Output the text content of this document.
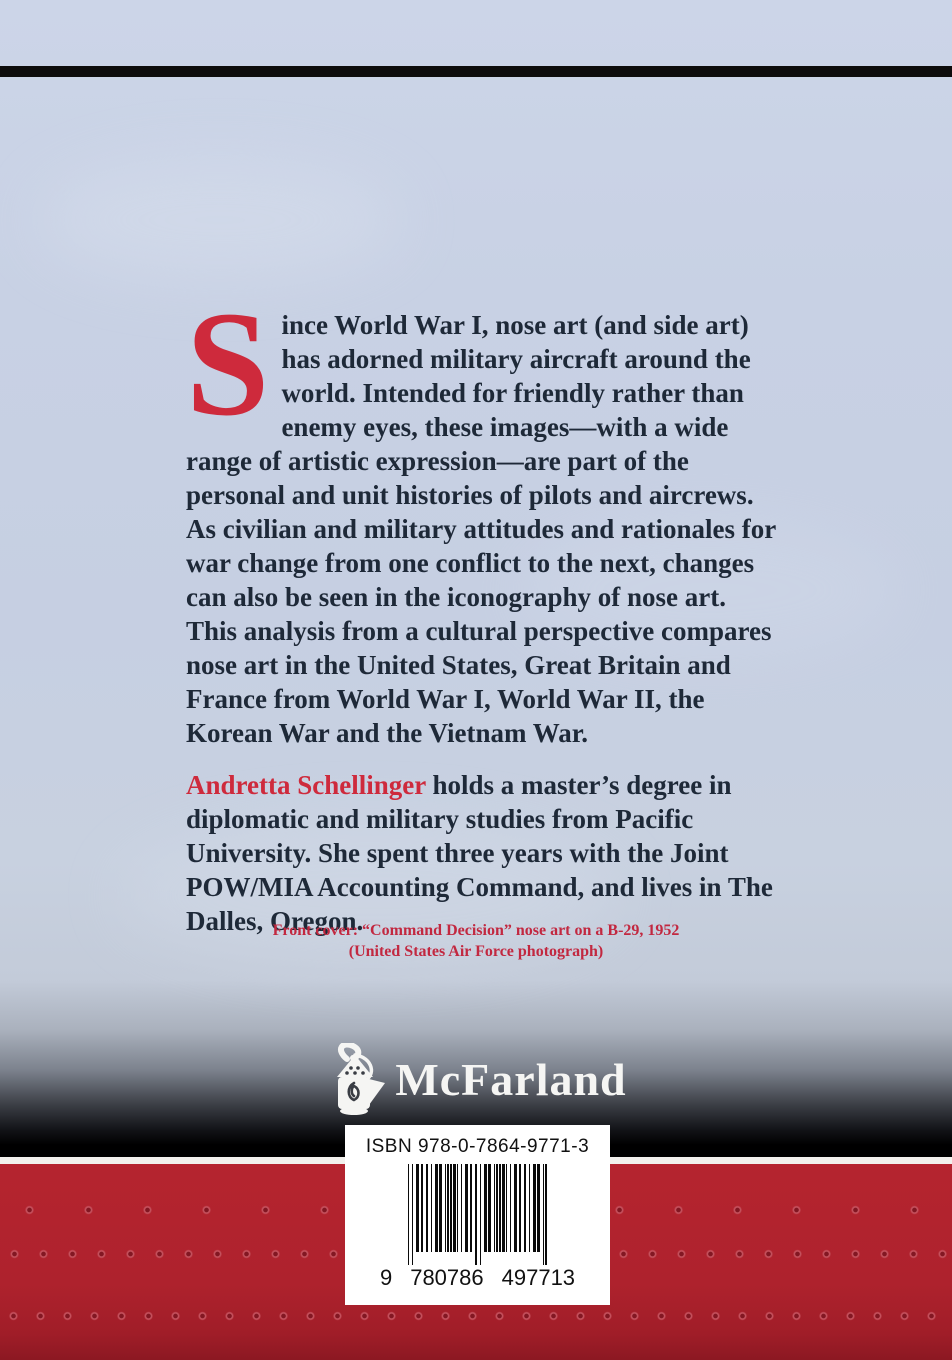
Since World War I, nose art (and side art) has adorned military aircraft around the world. Intended for friendly rather than enemy eyes, these images—with a wide range of artistic expression—are part of the personal and unit histories of pilots and aircrews. As civilian and military attitudes and rationales for war change from one conflict to the next, changes can also be seen in the iconography of nose art. This analysis from a cultural perspective compares nose art in the United States, Great Britain and France from World War I, World War II, the Korean War and the Vietnam War.

Andretta Schellinger holds a master’s degree in diplomatic and military studies from Pacific University. She spent three years with the Joint POW/MIA Accounting Command, and lives in The Dalles, Oregon.

Front cover: “Command Decision” nose art on a B-29, 1952
(United States Air Force photograph)
McFarland
ISBN 978-0-7864-9771-3
9 780786 497713
